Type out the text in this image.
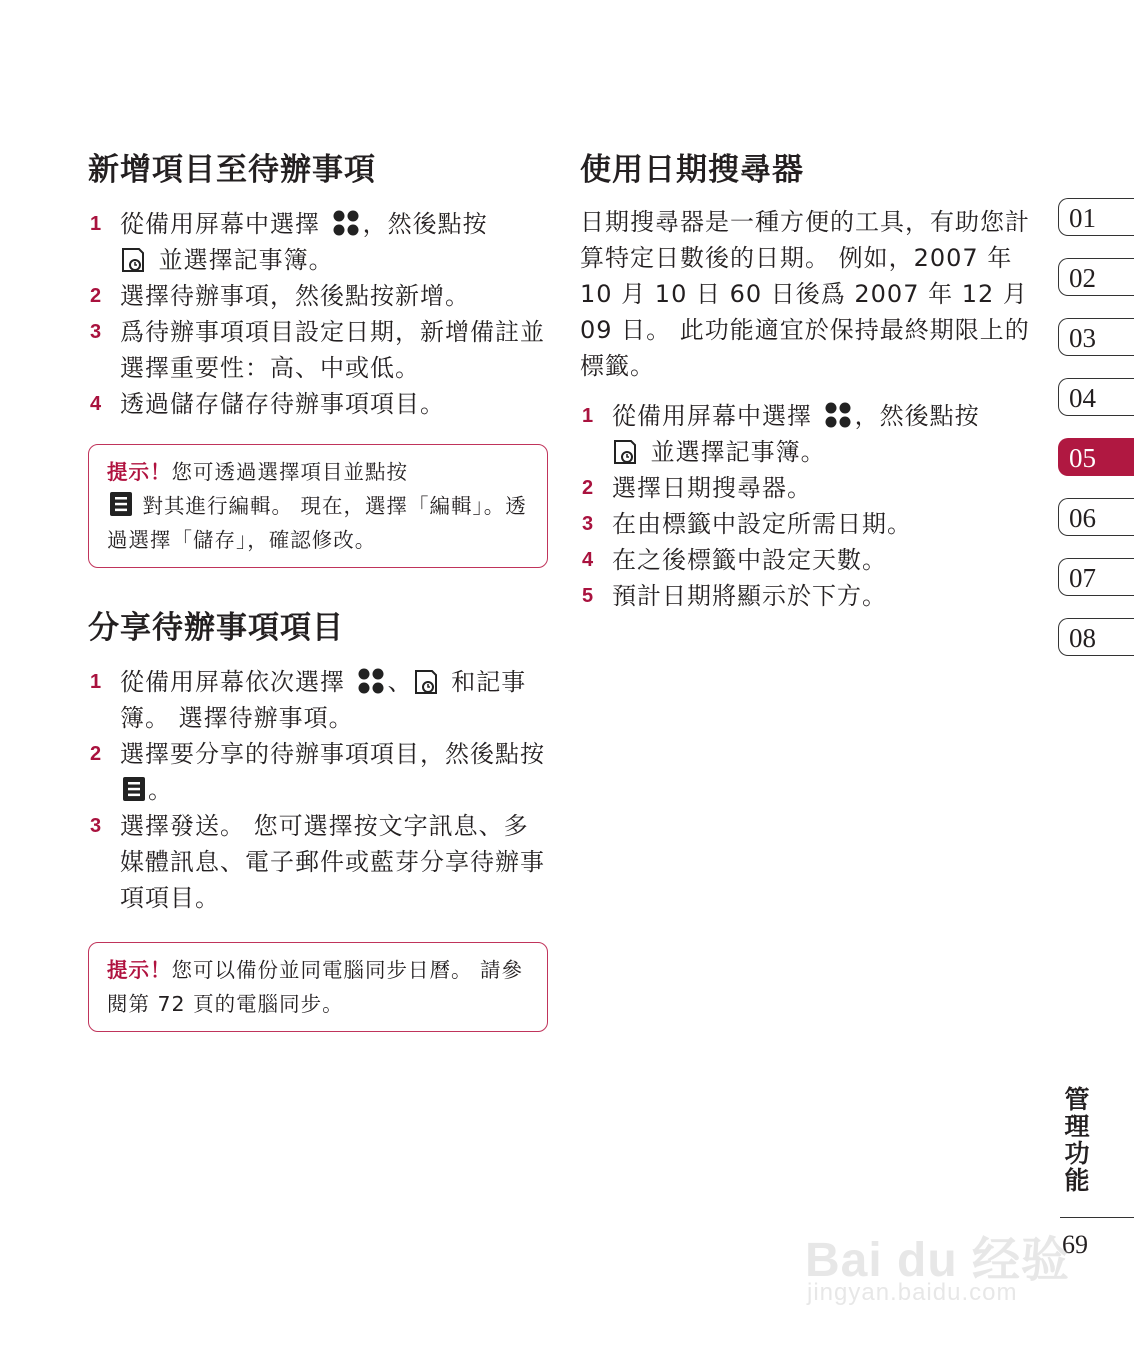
新增項目至待辦事項
1 從備用屏幕中選擇
，然後點按

並選擇記事簿。
2 選擇待辦事項，然後點按新增。
3 爲待辦事項項目設定日期，新增備註並選擇重要性：高、中或低。
4 透過儲存儲存待辦事項項目。
提示！您可透過選擇項目並點按

對其進行編輯。 現在，選擇「編輯」。透過選擇「儲存」，確認修改。
分享待辦事項項目
1 從備用屏幕依次選擇
、
和記事簿。 選擇待辦事項。
2 選擇要分享的待辦事項項目，然後點按
。
3 選擇發送。 您可選擇按文字訊息、多媒體訊息、電子郵件或藍芽分享待辦事項項目。
提示！您可以備份並同電腦同步日曆。 請參閱第 72 頁的電腦同步。
使用日期搜尋器

日期搜尋器是一種方便的工具，有助您計算特定日數後的日期。 例如，2007 年 10 月 10 日 60 日後爲 2007 年 12 月 09 日。 此功能適宜於保持最終期限上的標籤。

1 從備用屏幕中選擇
，然後點按

並選擇記事簿。
2 選擇日期搜尋器。
3 在由標籤中設定所需日期。
4 在之後標籤中設定天數。
5 預計日期將顯示於下方。
01
02
03
04
05
06
07
08
管理功能
69
Bai du 经验
jingyan.baidu.com
